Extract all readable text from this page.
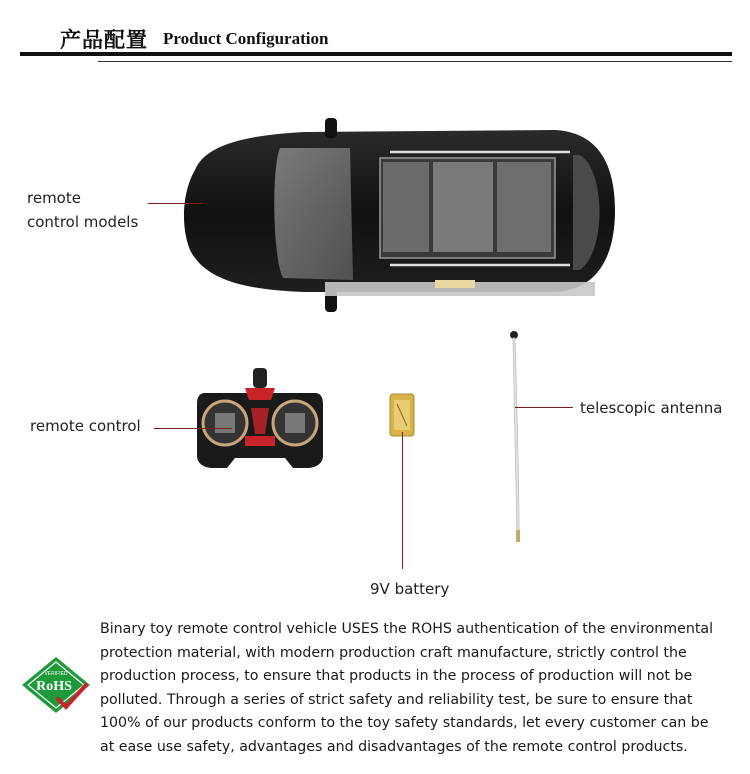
产品配置 Product Configuration
remote
control models
remote control
9V battery
telescopic antenna
VERIFIED
RoHS
Binary toy remote control vehicle USES the ROHS authentication of the environmental
protection material, with modern production craft manufacture, strictly control the
production process, to ensure that products in the process of production will not be
polluted. Through a series of strict safety and reliability test, be sure to ensure that
100% of our products conform to the toy safety standards, let every customer can be
at ease use safety, advantages and disadvantages of the remote control products.
